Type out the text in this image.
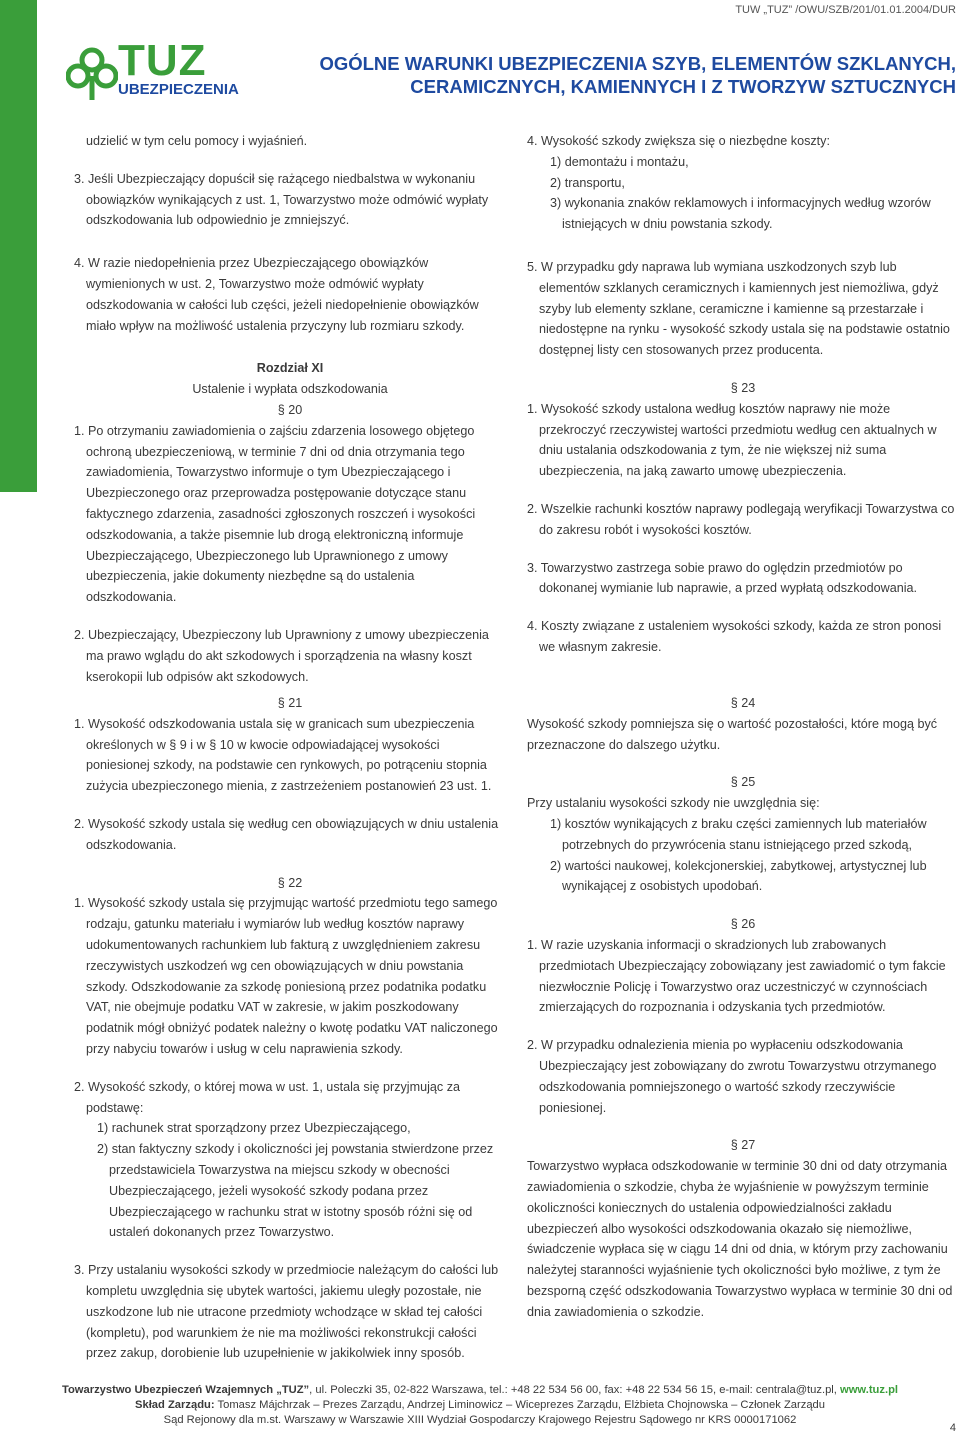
TUW „TUZ” /OWU/SZB/201/01.01.2004/DUR
TUZ
UBEZPIECZENIA
OGÓLNE WARUNKI UBEZPIECZENIA SZYB, ELEMENTÓW SZKLANYCH,
CERAMICZNYCH, KAMIENNYCH I Z TWORZYW SZTUCZNYCH

udzielić w tym celu pomocy i wyjaśnień.

3. Jeśli Ubezpieczający dopuścił się rażącego niedbalstwa w wykonaniu obowiązków wynikających z ust. 1, Towarzystwo może odmówić wypłaty odszkodowania lub odpowiednio je zmniejszyć.

4. W razie niedopełnienia przez Ubezpieczającego obowiązków wymienionych w ust. 2, Towarzystwo może odmówić wypłaty odszkodowania w całości lub części, jeżeli niedopełnienie obowiązków miało wpływ na możliwość ustalenia przyczyny lub rozmiaru szkody.

Rozdział XI

Ustalenie i wypłata odszkodowania

§ 20

1. Po otrzymaniu zawiadomienia o zajściu zdarzenia losowego objętego ochroną ubezpieczeniową, w terminie 7 dni od dnia otrzymania tego zawiadomienia, Towarzystwo informuje o tym Ubezpieczającego i Ubezpieczonego oraz przeprowadza postępowanie dotyczące stanu faktycznego zdarzenia, zasadności zgłoszonych roszczeń i wysokości odszkodowania, a także pisemnie lub drogą elektroniczną informuje Ubezpieczającego, Ubezpieczonego lub Uprawnionego z umowy ubezpieczenia, jakie dokumenty niezbędne są do ustalenia odszkodowania.

2. Ubezpieczający, Ubezpieczony lub Uprawniony z umowy ubezpieczenia ma prawo wglądu do akt szkodowych i sporządzenia na własny koszt kserokopii lub odpisów akt szkodowych.

§ 21

1. Wysokość odszkodowania ustala się w granicach sum ubezpieczenia określonych w § 9 i w § 10 w kwocie odpowiadającej wysokości poniesionej szkody, na podstawie cen rynkowych, po potrąceniu stopnia zużycia ubezpieczonego mienia, z zastrzeżeniem postanowień 23 ust. 1.

2. Wysokość szkody ustala się według cen obowiązujących w dniu ustalenia odszkodowania.

§ 22

1. Wysokość szkody ustala się przyjmując wartość przedmiotu tego samego rodzaju, gatunku materiału i wymiarów lub według kosztów naprawy udokumentowanych rachunkiem lub fakturą z uwzględnieniem zakresu rzeczywistych uszkodzeń wg cen obowiązujących w dniu powstania szkody. Odszkodowanie za szkodę poniesioną przez podatnika podatku VAT, nie obejmuje podatku VAT w zakresie, w jakim poszkodowany podatnik mógł obniżyć podatek należny o kwotę podatku VAT naliczonego przy nabyciu towarów i usług w celu naprawienia szkody.

2. Wysokość szkody, o której mowa w ust. 1, ustala się przyjmując za podstawę:

1) rachunek strat sporządzony przez Ubezpieczającego,

2) stan faktyczny szkody i okoliczności jej powstania stwierdzone przez przedstawiciela Towarzystwa na miejscu szkody w obecności Ubezpieczającego, jeżeli wysokość szkody podana przez Ubezpieczającego w rachunku strat w istotny sposób różni się od ustaleń dokonanych przez Towarzystwo.

3. Przy ustalaniu wysokości szkody w przedmiocie należącym do całości lub kompletu uwzględnia się ubytek wartości, jakiemu uległy pozostałe, nie uszkodzone lub nie utracone przedmioty wchodzące w skład tej całości (kompletu), pod warunkiem że nie ma możliwości rekonstrukcji całości przez zakup, dorobienie lub uzupełnienie w jakikolwiek inny sposób.

4. Wysokość szkody zwiększa się o niezbędne koszty:

1) demontażu i montażu,

2) transportu,

3) wykonania znaków reklamowych i informacyjnych według wzorów istniejących w dniu powstania szkody.

5. W przypadku gdy naprawa lub wymiana uszkodzonych szyb lub elementów szklanych ceramicznych i kamiennych jest niemożliwa, gdyż szyby lub elementy szklane, ceramiczne i kamienne są przestarzałe i niedostępne na rynku - wysokość szkody ustala się na podstawie ostatnio dostępnej listy cen stosowanych przez producenta.

§ 23

1. Wysokość szkody ustalona według kosztów naprawy nie może przekroczyć rzeczywistej wartości przedmiotu według cen aktualnych w dniu ustalania odszkodowania z tym, że nie większej niż suma ubezpieczenia, na jaką zawarto umowę ubezpieczenia.

2. Wszelkie rachunki kosztów naprawy podlegają weryfikacji Towarzystwa co do zakresu robót i wysokości kosztów.

3. Towarzystwo zastrzega sobie prawo do oględzin przedmiotów po dokonanej wymianie lub naprawie, a przed wypłatą odszkodowania.

4. Koszty związane z ustaleniem wysokości szkody, każda ze stron ponosi we własnym zakresie.

§ 24

Wysokość szkody pomniejsza się o wartość pozostałości, które mogą być przeznaczone do dalszego użytku.

§ 25

Przy ustalaniu wysokości szkody nie uwzględnia się:

1) kosztów wynikających z braku części zamiennych lub materiałów potrzebnych do przywrócenia stanu istniejącego przed szkodą,

2) wartości naukowej, kolekcjonerskiej, zabytkowej, artystycznej lub wynikającej z osobistych upodobań.

§ 26

1. W razie uzyskania informacji o skradzionych lub zrabowanych przedmiotach Ubezpieczający zobowiązany jest zawiadomić o tym fakcie niezwłocznie Policję i Towarzystwo oraz uczestniczyć w czynnościach zmierzających do rozpoznania i odzyskania tych przedmiotów.

2. W przypadku odnalezienia mienia po wypłaceniu odszkodowania Ubezpieczający jest zobowiązany do zwrotu Towarzystwu otrzymanego odszkodowania pomniejszonego o wartość szkody rzeczywiście poniesionej.

§ 27

Towarzystwo wypłaca odszkodowanie w terminie 30 dni od daty otrzymania zawiadomienia o szkodzie, chyba że wyjaśnienie w powyższym terminie okoliczności koniecznych do ustalenia odpowiedzialności zakładu ubezpieczeń albo wysokości odszkodowania okazało się niemożliwe, świadczenie wypłaca się w ciągu 14 dni od dnia, w którym przy zachowaniu należytej staranności wyjaśnienie tych okoliczności było możliwe, z tym że bezsporną część odszkodowania Towarzystwo wypłaca w terminie 30 dni od dnia zawiadomienia o szkodzie.

Towarzystwo Ubezpieczeń Wzajemnych „TUZ”, ul. Poleczki 35, 02-822 Warszawa, tel.: +48 22 534 56 00, fax: +48 22 534 56 15, e-mail: centrala@tuz.pl, www.tuz.pl
Skład Zarządu: Tomasz Májchrzak – Prezes Zarządu, Andrzej Liminowicz – Wiceprezes Zarządu, Elżbieta Chojnowska – Członek Zarządu
Sąd Rejonowy dla m.st. Warszawy w Warszawie XIII Wydział Gospodarczy Krajowego Rejestru Sądowego nr KRS 0000171062
4
